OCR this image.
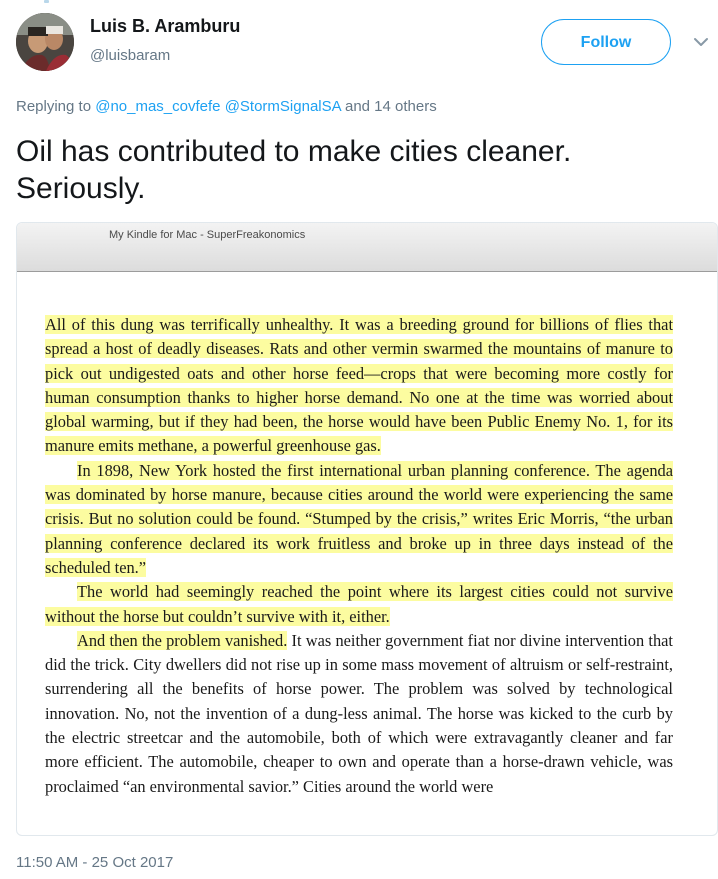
Luis B. Aramburu
@luisbaram
Follow
Replying to @no_mas_covfefe @StormSignalSA and 14 others
Oil has contributed to make cities cleaner. Seriously.
My Kindle for Mac - SuperFreakonomics

All of this dung was terrifically unhealthy. It was a breeding ground for billions of flies that spread a host of deadly diseases. Rats and other vermin swarmed the mountains of manure to pick out undigested oats and other horse feed—crops that were becoming more costly for human consumption thanks to higher horse demand. No one at the time was worried about global warming, but if they had been, the horse would have been Public Enemy No. 1, for its manure emits methane, a powerful greenhouse gas.

In 1898, New York hosted the first international urban planning conference. The agenda was dominated by horse manure, because cities around the world were experiencing the same crisis. But no solution could be found. “Stumped by the crisis,” writes Eric Morris, “the urban planning conference declared its work fruitless and broke up in three days instead of the scheduled ten.”

The world had seemingly reached the point where its largest cities could not survive without the horse but couldn’t survive with it, either.

And then the problem vanished. It was neither government fiat nor divine intervention that did the trick. City dwellers did not rise up in some mass movement of altruism or self-restraint, surrendering all the benefits of horse power. The problem was solved by technological innovation. No, not the invention of a dung-less animal. The horse was kicked to the curb by the electric streetcar and the automobile, both of which were extravagantly cleaner and far more efficient. The automobile, cheaper to own and operate than a horse-drawn vehicle, was proclaimed “an environmental savior.” Cities around the world were

11:50 AM - 25 Oct 2017
